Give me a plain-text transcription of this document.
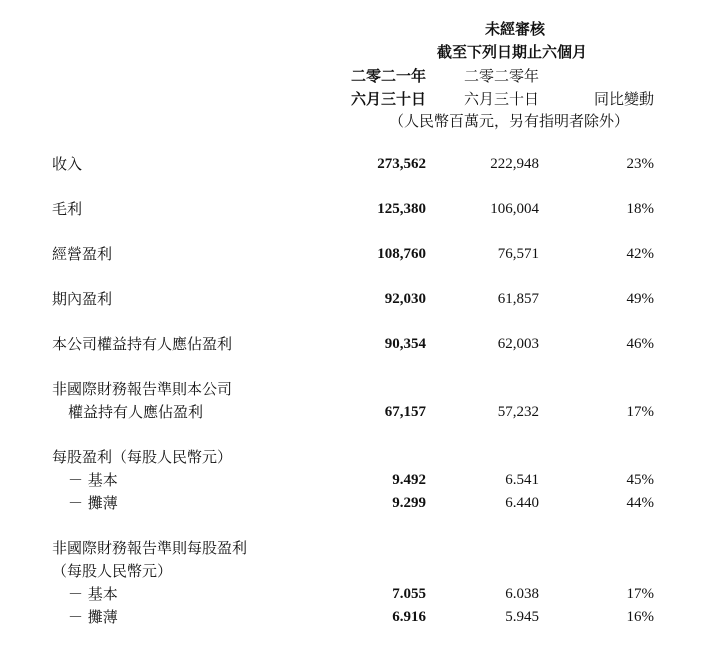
未經審核
截至下列日期止六個月
二零二一年	二零二零年
六月三十日	六月三十日	同比變動
（人民幣百萬元，另有指明者除外）
收入	273,562	222,948	23%
毛利	125,380	106,004	18%
經營盈利	108,760	76,571	42%
期內盈利	92,030	61,857	49%
本公司權益持有人應佔盈利	90,354	62,003	46%
非國際財務報告準則本公司
權益持有人應佔盈利	67,157	57,232	17%
每股盈利（每股人民幣元）
－ 基本	9.492	6.541	45%
－ 攤薄	9.299	6.440	44%
非國際財務報告準則每股盈利
（每股人民幣元）
－ 基本	7.055	6.038	17%
－ 攤薄	6.916	5.945	16%
